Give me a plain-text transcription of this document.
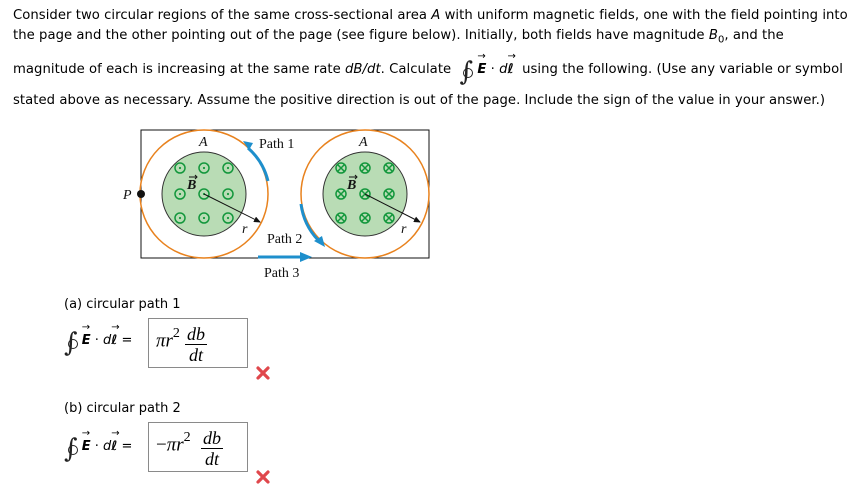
Consider two circular regions of the same cross-sectional area A with uniform magnetic fields, one with the field pointing into
the page and the other pointing out of the page (see figure below). Initially, both fields have magnitude $B_0$, and the
magnitude of each is increasing at the same rate dB/dt. Calculate ∫ → E · d→ ℓ using the following. (Use any variable or symbol
stated above as necessary. Assume the positive direction is out of the page. Include the sign of the value in your answer.)
A	A
P
B	B
r	r
Path 1
Path 2
Path 3
(a) circular path 1
∫ → E · d→ ℓ = $\pi r^2$ db
dt
(b) circular path 2
∫ → E · d→ ℓ = $-\pi r^2$ db
dt
